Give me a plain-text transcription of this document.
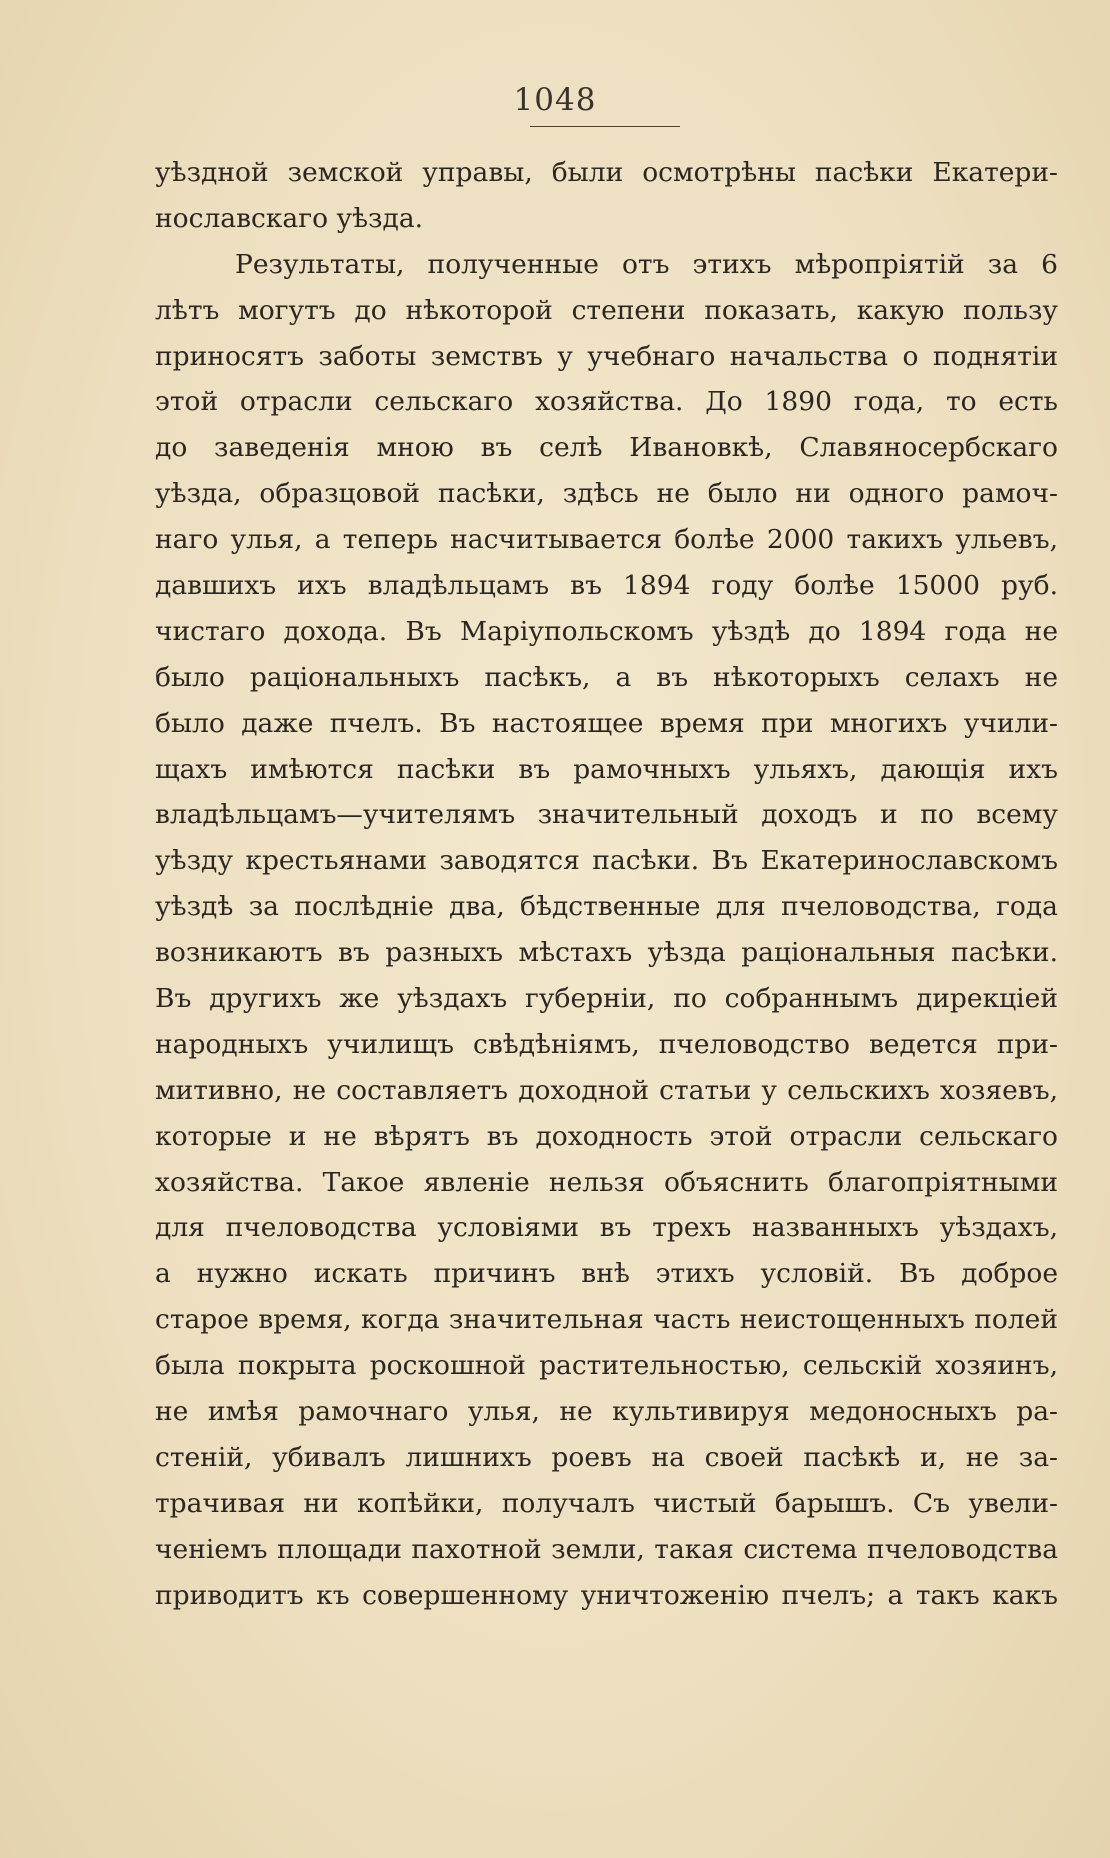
1048
уѣздной земской управы, были осмотрѣны пасѣки Екатери-
нославскаго уѣзда.
Результаты, полученные отъ этихъ мѣропріятій за 6
лѣтъ могутъ до нѣкоторой степени показать, какую пользу
приносятъ заботы земствъ у учебнаго начальства о поднятіи
этой отрасли сельскаго хозяйства. До 1890 года, то есть
до заведенія мною въ селѣ Ивановкѣ, Славяносербскаго
уѣзда, образцовой пасѣки, здѣсь не было ни одного рамоч-
наго улья, а теперь насчитывается болѣе 2000 такихъ ульевъ,
давшихъ ихъ владѣльцамъ въ 1894 году болѣе 15000 руб.
чистаго дохода. Въ Маріупольскомъ уѣздѣ до 1894 года не
было раціональныхъ пасѣкъ, а въ нѣкоторыхъ селахъ не
было даже пчелъ. Въ настоящее время при многихъ учили-
щахъ имѣются пасѣки въ рамочныхъ ульяхъ, дающія ихъ
владѣльцамъ—учителямъ значительный доходъ и по всему
уѣзду крестьянами заводятся пасѣки. Въ Екатеринославскомъ
уѣздѣ за послѣдніе два, бѣдственные для пчеловодства, года
возникаютъ въ разныхъ мѣстахъ уѣзда раціональныя пасѣки.
Въ другихъ же уѣздахъ губерніи, по собраннымъ дирекціей
народныхъ училищъ свѣдѣніямъ, пчеловодство ведется при-
митивно, не составляетъ доходной статьи у сельскихъ хозяевъ,
которые и не вѣрятъ въ доходность этой отрасли сельскаго
хозяйства. Такое явленіе нельзя объяснить благопріятными
для пчеловодства условіями въ трехъ названныхъ уѣздахъ,
а нужно искать причинъ внѣ этихъ условій. Въ доброе
старое время, когда значительная часть неистощенныхъ полей
была покрыта роскошной растительностью, сельскій хозяинъ,
не имѣя рамочнаго улья, не культивируя медоносныхъ ра-
стеній, убивалъ лишнихъ роевъ на своей пасѣкѣ и, не за-
трачивая ни копѣйки, получалъ чистый барышъ. Съ увели-
ченіемъ площади пахотной земли, такая система пчеловодства
приводитъ къ совершенному уничтоженію пчелъ; а такъ какъ
